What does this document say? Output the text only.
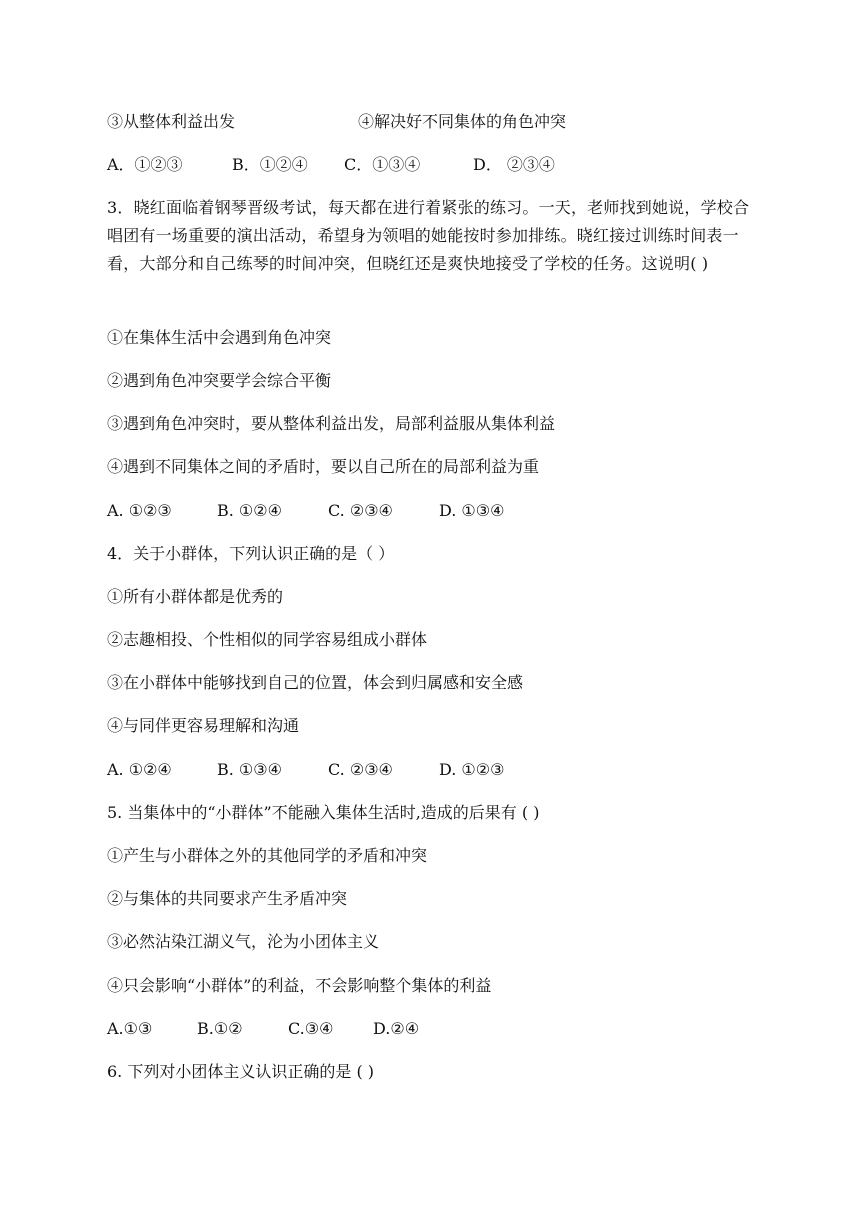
③从整体利益出发	④解决好不同集体的角色冲突
A．①②③	B．①②④ C．①③④	D． ②③④
3．晓红面临着钢琴晋级考试，每天都在进行着紧张的练习。一天，老师找到她说，学校合唱团有一场重要的演出活动，希望身为领唱的她能按时参加排练。晓红接过训练时间表一看，大部分和自己练琴的时间冲突，但晓红还是爽快地接受了学校的任务。这说明( )
①在集体生活中会遇到角色冲突
②遇到角色冲突要学会综合平衡
③遇到角色冲突时，要从整体利益出发，局部利益服从集体利益
④遇到不同集体之间的矛盾时，要以自己所在的局部利益为重
A. ①②③	B. ①②④	C. ②③④	D. ①③④
4．关于小群体，下列认识正确的是（ ）
①所有小群体都是优秀的
②志趣相投、个性相似的同学容易组成小群体
③在小群体中能够找到自己的位置，体会到归属感和安全感
④与同伴更容易理解和沟通
A. ①②④	B. ①③④	C. ②③④	D. ①②③
5. 当集体中的“小群体”不能融入集体生活时,造成的后果有 ( )
①产生与小群体之外的其他同学的矛盾和冲突
②与集体的共同要求产生矛盾冲突
③必然沾染江湖义气，沦为小团体主义
④只会影响“小群体”的利益，不会影响整个集体的利益
A.①③	B.①②	C.③④ D.②④
6. 下列对小团体主义认识正确的是 ( )
